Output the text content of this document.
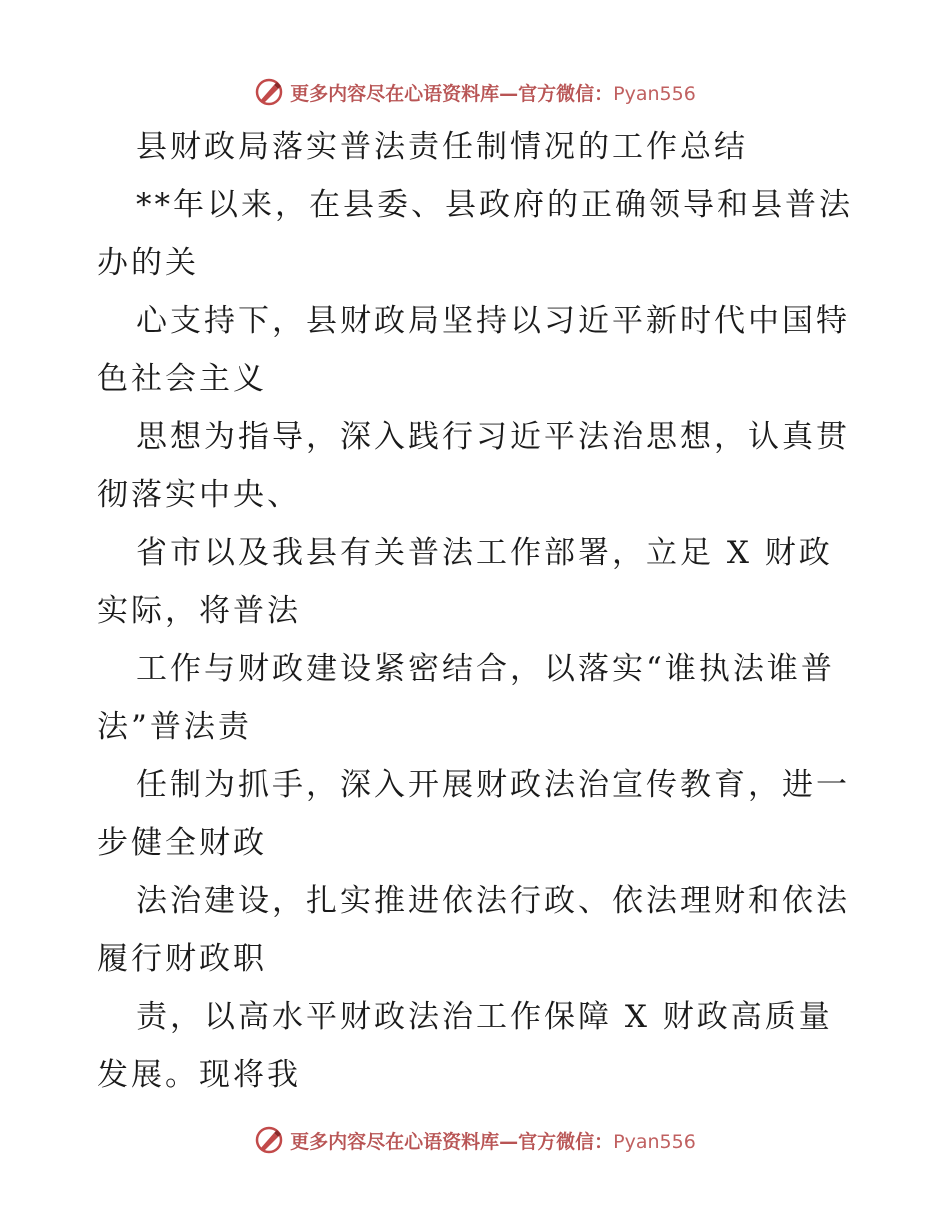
更多内容尽在心语资料库—官方微信：Pyan556
县财政局落实普法责任制情况的工作总结
**年以来，在县委、县政府的正确领导和县普法
办的关
心支持下，县财政局坚持以习近平新时代中国特
色社会主义
思想为指导，深入践行习近平法治思想，认真贯
彻落实中央、
省市以及我县有关普法工作部署，立足 X 财政
实际，将普法
工作与财政建设紧密结合，以落实“谁执法谁普
法”普法责
任制为抓手，深入开展财政法治宣传教育，进一
步健全财政
法治建设，扎实推进依法行政、依法理财和依法
履行财政职
责，以高水平财政法治工作保障 X 财政高质量
发展。现将我
更多内容尽在心语资料库—官方微信：Pyan556
